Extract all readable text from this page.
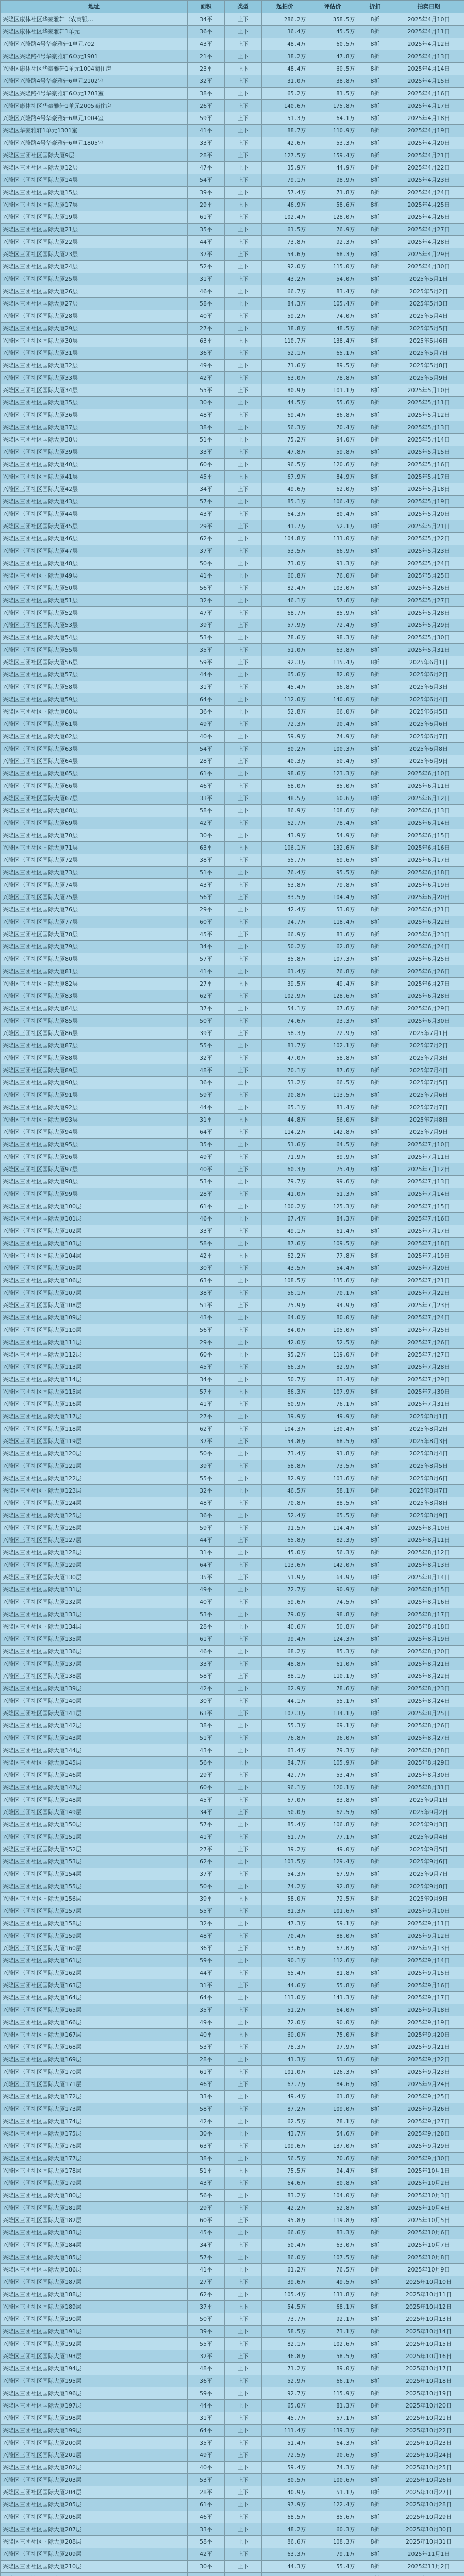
地址	面积	类型	起拍价	评估价	折扣	拍卖日期
兴隆区康体社区华豪雅轩（农商银…	34平	上下	286.2万	358.5万	8折	2025年4月10日
兴隆区康体社区华豪雅轩1单元	36平	上下	36.4万	45.5万	8折	2025年4月11日
兴隆区兴隆路4号华豪雅轩1单元702	43平	上下	48.4万	60.5万	8折	2025年4月12日
兴隆区兴隆路4号华豪雅轩6单元1901	21平	上下	38.2万	47.8万	8折	2025年4月13日
兴隆区康体社区华豪雅轩1单元1004商住房	23平	上下	48.4万	60.5万	8折	2025年4月14日
兴隆区兴隆路4号华豪雅轩6单元2102室	32平	上下	31.0万	38.8万	8折	2025年4月15日
兴隆区兴隆路4号华豪雅轩6单元1703室	38平	上下	65.2万	81.5万	8折	2025年4月16日
兴隆区康体社区华豪雅轩1单元2005商住房	26平	上下	140.6万	175.8万	8折	2025年4月17日
兴隆区兴隆路4号华豪雅轩6单元1004室	59平	上下	51.3万	64.1万	8折	2025年4月18日
兴隆区华豪雅轩1单元1301室	41平	上下	88.7万	110.9万	8折	2025年4月19日
兴隆区兴隆路4号华豪雅轩6单元1805室	33平	上下	42.6万	53.3万	8折	2025年4月20日
兴隆区三团社区国际大厦9层	28平	上下	127.5万	159.4万	8折	2025年4月21日
兴隆区三团社区国际大厦12层	47平	上下	35.9万	44.9万	8折	2025年4月22日
兴隆区三团社区国际大厦14层	54平	上下	79.1万	98.9万	8折	2025年4月23日
兴隆区三团社区国际大厦15层	39平	上下	57.4万	71.8万	8折	2025年4月24日
兴隆区三团社区国际大厦17层	29平	上下	46.9万	58.6万	8折	2025年4月25日
兴隆区三团社区国际大厦19层	61平	上下	102.4万	128.0万	8折	2025年4月26日
兴隆区三团社区国际大厦21层	35平	上下	61.5万	76.9万	8折	2025年4月27日
兴隆区三团社区国际大厦22层	44平	上下	73.8万	92.3万	8折	2025年4月28日
兴隆区三团社区国际大厦23层	37平	上下	54.6万	68.3万	8折	2025年4月29日
兴隆区三团社区国际大厦24层	52平	上下	92.0万	115.0万	8折	2025年4月30日
兴隆区三团社区国际大厦25层	31平	上下	43.2万	54.0万	8折	2025年5月1日
兴隆区三团社区国际大厦26层	46平	上下	66.7万	83.4万	8折	2025年5月2日
兴隆区三团社区国际大厦27层	58平	上下	84.3万	105.4万	8折	2025年5月3日
兴隆区三团社区国际大厦28层	40平	上下	59.2万	74.0万	8折	2025年5月4日
兴隆区三团社区国际大厦29层	27平	上下	38.8万	48.5万	8折	2025年5月5日
兴隆区三团社区国际大厦30层	63平	上下	110.7万	138.4万	8折	2025年5月6日
兴隆区三团社区国际大厦31层	36平	上下	52.1万	65.1万	8折	2025年5月7日
兴隆区三团社区国际大厦32层	49平	上下	71.6万	89.5万	8折	2025年5月8日
兴隆区三团社区国际大厦33层	42平	上下	63.0万	78.8万	8折	2025年5月9日
兴隆区三团社区国际大厦34层	55平	上下	80.9万	101.1万	8折	2025年5月10日
兴隆区三团社区国际大厦35层	30平	上下	44.5万	55.6万	8折	2025年5月11日
兴隆区三团社区国际大厦36层	48平	上下	69.4万	86.8万	8折	2025年5月12日
兴隆区三团社区国际大厦37层	38平	上下	56.3万	70.4万	8折	2025年5月13日
兴隆区三团社区国际大厦38层	51平	上下	75.2万	94.0万	8折	2025年5月14日
兴隆区三团社区国际大厦39层	33平	上下	47.8万	59.8万	8折	2025年5月15日
兴隆区三团社区国际大厦40层	60平	上下	96.5万	120.6万	8折	2025年5月16日
兴隆区三团社区国际大厦41层	45平	上下	67.9万	84.9万	8折	2025年5月17日
兴隆区三团社区国际大厦42层	34平	上下	49.6万	62.0万	8折	2025年5月18日
兴隆区三团社区国际大厦43层	57平	上下	85.1万	106.4万	8折	2025年5月19日
兴隆区三团社区国际大厦44层	43平	上下	64.3万	80.4万	8折	2025年5月20日
兴隆区三团社区国际大厦45层	29平	上下	41.7万	52.1万	8折	2025年5月21日
兴隆区三团社区国际大厦46层	62平	上下	104.8万	131.0万	8折	2025年5月22日
兴隆区三团社区国际大厦47层	37平	上下	53.5万	66.9万	8折	2025年5月23日
兴隆区三团社区国际大厦48层	50平	上下	73.0万	91.3万	8折	2025年5月24日
兴隆区三团社区国际大厦49层	41平	上下	60.8万	76.0万	8折	2025年5月25日
兴隆区三团社区国际大厦50层	56平	上下	82.4万	103.0万	8折	2025年5月26日
兴隆区三团社区国际大厦51层	32平	上下	46.1万	57.6万	8折	2025年5月27日
兴隆区三团社区国际大厦52层	47平	上下	68.7万	85.9万	8折	2025年5月28日
兴隆区三团社区国际大厦53层	39平	上下	57.9万	72.4万	8折	2025年5月29日
兴隆区三团社区国际大厦54层	53平	上下	78.6万	98.3万	8折	2025年5月30日
兴隆区三团社区国际大厦55层	35平	上下	51.0万	63.8万	8折	2025年5月31日
兴隆区三团社区国际大厦56层	59平	上下	92.3万	115.4万	8折	2025年6月1日
兴隆区三团社区国际大厦57层	44平	上下	65.6万	82.0万	8折	2025年6月2日
兴隆区三团社区国际大厦58层	31平	上下	45.4万	56.8万	8折	2025年6月3日
兴隆区三团社区国际大厦59层	64平	上下	112.0万	140.0万	8折	2025年6月4日
兴隆区三团社区国际大厦60层	36平	上下	52.8万	66.0万	8折	2025年6月5日
兴隆区三团社区国际大厦61层	49平	上下	72.3万	90.4万	8折	2025年6月6日
兴隆区三团社区国际大厦62层	40平	上下	59.9万	74.9万	8折	2025年6月7日
兴隆区三团社区国际大厦63层	54平	上下	80.2万	100.3万	8折	2025年6月8日
兴隆区三团社区国际大厦64层	28平	上下	40.3万	50.4万	8折	2025年6月9日
兴隆区三团社区国际大厦65层	61平	上下	98.6万	123.3万	8折	2025年6月10日
兴隆区三团社区国际大厦66层	46平	上下	68.0万	85.0万	8折	2025年6月11日
兴隆区三团社区国际大厦67层	33平	上下	48.5万	60.6万	8折	2025年6月12日
兴隆区三团社区国际大厦68层	58平	上下	86.9万	108.6万	8折	2025年6月13日
兴隆区三团社区国际大厦69层	42平	上下	62.7万	78.4万	8折	2025年6月14日
兴隆区三团社区国际大厦70层	30平	上下	43.9万	54.9万	8折	2025年6月15日
兴隆区三团社区国际大厦71层	63平	上下	106.1万	132.6万	8折	2025年6月16日
兴隆区三团社区国际大厦72层	38平	上下	55.7万	69.6万	8折	2025年6月17日
兴隆区三团社区国际大厦73层	51平	上下	76.4万	95.5万	8折	2025年6月18日
兴隆区三团社区国际大厦74层	43平	上下	63.8万	79.8万	8折	2025年6月19日
兴隆区三团社区国际大厦75层	56平	上下	83.5万	104.4万	8折	2025年6月20日
兴隆区三团社区国际大厦76层	29平	上下	42.4万	53.0万	8折	2025年6月21日
兴隆区三团社区国际大厦77层	60平	上下	94.7万	118.4万	8折	2025年6月22日
兴隆区三团社区国际大厦78层	45平	上下	66.9万	83.6万	8折	2025年6月23日
兴隆区三团社区国际大厦79层	34平	上下	50.2万	62.8万	8折	2025年6月24日
兴隆区三团社区国际大厦80层	57平	上下	85.8万	107.3万	8折	2025年6月25日
兴隆区三团社区国际大厦81层	41平	上下	61.4万	76.8万	8折	2025年6月26日
兴隆区三团社区国际大厦82层	27平	上下	39.5万	49.4万	8折	2025年6月27日
兴隆区三团社区国际大厦83层	62平	上下	102.9万	128.6万	8折	2025年6月28日
兴隆区三团社区国际大厦84层	37平	上下	54.1万	67.6万	8折	2025年6月29日
兴隆区三团社区国际大厦85层	50平	上下	74.6万	93.3万	8折	2025年6月30日
兴隆区三团社区国际大厦86层	39平	上下	58.3万	72.9万	8折	2025年7月1日
兴隆区三团社区国际大厦87层	55平	上下	81.7万	102.1万	8折	2025年7月2日
兴隆区三团社区国际大厦88层	32平	上下	47.0万	58.8万	8折	2025年7月3日
兴隆区三团社区国际大厦89层	48平	上下	70.1万	87.6万	8折	2025年7月4日
兴隆区三团社区国际大厦90层	36平	上下	53.2万	66.5万	8折	2025年7月5日
兴隆区三团社区国际大厦91层	59平	上下	90.8万	113.5万	8折	2025年7月6日
兴隆区三团社区国际大厦92层	44平	上下	65.1万	81.4万	8折	2025年7月7日
兴隆区三团社区国际大厦93层	31平	上下	44.8万	56.0万	8折	2025年7月8日
兴隆区三团社区国际大厦94层	64平	上下	114.2万	142.8万	8折	2025年7月9日
兴隆区三团社区国际大厦95层	35平	上下	51.6万	64.5万	8折	2025年7月10日
兴隆区三团社区国际大厦96层	49平	上下	71.9万	89.9万	8折	2025年7月11日
兴隆区三团社区国际大厦97层	40平	上下	60.3万	75.4万	8折	2025年7月12日
兴隆区三团社区国际大厦98层	53平	上下	79.7万	99.6万	8折	2025年7月13日
兴隆区三团社区国际大厦99层	28平	上下	41.0万	51.3万	8折	2025年7月14日
兴隆区三团社区国际大厦100层	61平	上下	100.2万	125.3万	8折	2025年7月15日
兴隆区三团社区国际大厦101层	46平	上下	67.4万	84.3万	8折	2025年7月16日
兴隆区三团社区国际大厦102层	33平	上下	49.1万	61.4万	8折	2025年7月17日
兴隆区三团社区国际大厦103层	58平	上下	87.6万	109.5万	8折	2025年7月18日
兴隆区三团社区国际大厦104层	42平	上下	62.2万	77.8万	8折	2025年7月19日
兴隆区三团社区国际大厦105层	30平	上下	43.5万	54.4万	8折	2025年7月20日
兴隆区三团社区国际大厦106层	63平	上下	108.5万	135.6万	8折	2025年7月21日
兴隆区三团社区国际大厦107层	38平	上下	56.1万	70.1万	8折	2025年7月22日
兴隆区三团社区国际大厦108层	51平	上下	75.9万	94.9万	8折	2025年7月23日
兴隆区三团社区国际大厦109层	43平	上下	64.0万	80.0万	8折	2025年7月24日
兴隆区三团社区国际大厦110层	56平	上下	84.0万	105.0万	8折	2025年7月25日
兴隆区三团社区国际大厦111层	29平	上下	42.0万	52.5万	8折	2025年7月26日
兴隆区三团社区国际大厦112层	60平	上下	95.2万	119.0万	8折	2025年7月27日
兴隆区三团社区国际大厦113层	45平	上下	66.3万	82.9万	8折	2025年7月28日
兴隆区三团社区国际大厦114层	34平	上下	50.7万	63.4万	8折	2025年7月29日
兴隆区三团社区国际大厦115层	57平	上下	86.3万	107.9万	8折	2025年7月30日
兴隆区三团社区国际大厦116层	41平	上下	60.9万	76.1万	8折	2025年7月31日
兴隆区三团社区国际大厦117层	27平	上下	39.9万	49.9万	8折	2025年8月1日
兴隆区三团社区国际大厦118层	62平	上下	104.3万	130.4万	8折	2025年8月2日
兴隆区三团社区国际大厦119层	37平	上下	54.8万	68.5万	8折	2025年8月3日
兴隆区三团社区国际大厦120层	50平	上下	73.4万	91.8万	8折	2025年8月4日
兴隆区三团社区国际大厦121层	39平	上下	58.8万	73.5万	8折	2025年8月5日
兴隆区三团社区国际大厦122层	55平	上下	82.9万	103.6万	8折	2025年8月6日
兴隆区三团社区国际大厦123层	32平	上下	46.5万	58.1万	8折	2025年8月7日
兴隆区三团社区国际大厦124层	48平	上下	70.8万	88.5万	8折	2025年8月8日
兴隆区三团社区国际大厦125层	36平	上下	52.4万	65.5万	8折	2025年8月9日
兴隆区三团社区国际大厦126层	59平	上下	91.5万	114.4万	8折	2025年8月10日
兴隆区三团社区国际大厦127层	44平	上下	65.8万	82.3万	8折	2025年8月11日
兴隆区三团社区国际大厦128层	31平	上下	45.0万	56.3万	8折	2025年8月12日
兴隆区三团社区国际大厦129层	64平	上下	113.6万	142.0万	8折	2025年8月13日
兴隆区三团社区国际大厦130层	35平	上下	51.9万	64.9万	8折	2025年8月14日
兴隆区三团社区国际大厦131层	49平	上下	72.7万	90.9万	8折	2025年8月15日
兴隆区三团社区国际大厦132层	40平	上下	59.6万	74.5万	8折	2025年8月16日
兴隆区三团社区国际大厦133层	53平	上下	79.0万	98.8万	8折	2025年8月17日
兴隆区三团社区国际大厦134层	28平	上下	40.6万	50.8万	8折	2025年8月18日
兴隆区三团社区国际大厦135层	61平	上下	99.4万	124.3万	8折	2025年8月19日
兴隆区三团社区国际大厦136层	46平	上下	68.2万	85.3万	8折	2025年8月20日
兴隆区三团社区国际大厦137层	33平	上下	48.8万	61.0万	8折	2025年8月21日
兴隆区三团社区国际大厦138层	58平	上下	88.1万	110.1万	8折	2025年8月22日
兴隆区三团社区国际大厦139层	42平	上下	62.9万	78.6万	8折	2025年8月23日
兴隆区三团社区国际大厦140层	30平	上下	44.1万	55.1万	8折	2025年8月24日
兴隆区三团社区国际大厦141层	63平	上下	107.3万	134.1万	8折	2025年8月25日
兴隆区三团社区国际大厦142层	38平	上下	55.3万	69.1万	8折	2025年8月26日
兴隆区三团社区国际大厦143层	51平	上下	76.8万	96.0万	8折	2025年8月27日
兴隆区三团社区国际大厦144层	43平	上下	63.4万	79.3万	8折	2025年8月28日
兴隆区三团社区国际大厦145层	56平	上下	84.7万	105.9万	8折	2025年8月29日
兴隆区三团社区国际大厦146层	29平	上下	42.7万	53.4万	8折	2025年8月30日
兴隆区三团社区国际大厦147层	60平	上下	96.1万	120.1万	8折	2025年8月31日
兴隆区三团社区国际大厦148层	45平	上下	67.0万	83.8万	8折	2025年9月1日
兴隆区三团社区国际大厦149层	34平	上下	50.0万	62.5万	8折	2025年9月2日
兴隆区三团社区国际大厦150层	57平	上下	85.4万	106.8万	8折	2025年9月3日
兴隆区三团社区国际大厦151层	41平	上下	61.7万	77.1万	8折	2025年9月4日
兴隆区三团社区国际大厦152层	27平	上下	39.2万	49.0万	8折	2025年9月5日
兴隆区三团社区国际大厦153层	62平	上下	103.5万	129.4万	8折	2025年9月6日
兴隆区三团社区国际大厦154层	37平	上下	54.3万	67.9万	8折	2025年9月7日
兴隆区三团社区国际大厦155层	50平	上下	74.2万	92.8万	8折	2025年9月8日
兴隆区三团社区国际大厦156层	39平	上下	58.0万	72.5万	8折	2025年9月9日
兴隆区三团社区国际大厦157层	55平	上下	81.3万	101.6万	8折	2025年9月10日
兴隆区三团社区国际大厦158层	32平	上下	47.3万	59.1万	8折	2025年9月11日
兴隆区三团社区国际大厦159层	48平	上下	70.4万	88.0万	8折	2025年9月12日
兴隆区三团社区国际大厦160层	36平	上下	53.6万	67.0万	8折	2025年9月13日
兴隆区三团社区国际大厦161层	59平	上下	90.1万	112.6万	8折	2025年9月14日
兴隆区三团社区国际大厦162层	44平	上下	65.4万	81.8万	8折	2025年9月15日
兴隆区三团社区国际大厦163层	31平	上下	44.6万	55.8万	8折	2025年9月16日
兴隆区三团社区国际大厦164层	64平	上下	113.0万	141.3万	8折	2025年9月17日
兴隆区三团社区国际大厦165层	35平	上下	51.2万	64.0万	8折	2025年9月18日
兴隆区三团社区国际大厦166层	49平	上下	72.0万	90.0万	8折	2025年9月19日
兴隆区三团社区国际大厦167层	40平	上下	60.0万	75.0万	8折	2025年9月20日
兴隆区三团社区国际大厦168层	53平	上下	78.3万	97.9万	8折	2025年9月21日
兴隆区三团社区国际大厦169层	28平	上下	41.3万	51.6万	8折	2025年9月22日
兴隆区三团社区国际大厦170层	61平	上下	101.0万	126.3万	8折	2025年9月23日
兴隆区三团社区国际大厦171层	46平	上下	67.7万	84.6万	8折	2025年9月24日
兴隆区三团社区国际大厦172层	33平	上下	49.4万	61.8万	8折	2025年9月25日
兴隆区三团社区国际大厦173层	58平	上下	87.2万	109.0万	8折	2025年9月26日
兴隆区三团社区国际大厦174层	42平	上下	62.5万	78.1万	8折	2025年9月27日
兴隆区三团社区国际大厦175层	30平	上下	43.7万	54.6万	8折	2025年9月28日
兴隆区三团社区国际大厦176层	63平	上下	109.6万	137.0万	8折	2025年9月29日
兴隆区三团社区国际大厦177层	38平	上下	56.5万	70.6万	8折	2025年9月30日
兴隆区三团社区国际大厦178层	51平	上下	75.5万	94.4万	8折	2025年10月1日
兴隆区三团社区国际大厦179层	43平	上下	64.6万	80.8万	8折	2025年10月2日
兴隆区三团社区国际大厦180层	56平	上下	83.2万	104.0万	8折	2025年10月3日
兴隆区三团社区国际大厦181层	29平	上下	42.2万	52.8万	8折	2025年10月4日
兴隆区三团社区国际大厦182层	60平	上下	95.8万	119.8万	8折	2025年10月5日
兴隆区三团社区国际大厦183层	45平	上下	66.6万	83.3万	8折	2025年10月6日
兴隆区三团社区国际大厦184层	34平	上下	50.4万	63.0万	8折	2025年10月7日
兴隆区三团社区国际大厦185层	57平	上下	86.0万	107.5万	8折	2025年10月8日
兴隆区三团社区国际大厦186层	41平	上下	61.2万	76.5万	8折	2025年10月9日
兴隆区三团社区国际大厦187层	27平	上下	39.6万	49.5万	8折	2025年10月10日
兴隆区三团社区国际大厦188层	62平	上下	105.4万	131.8万	8折	2025年10月11日
兴隆区三团社区国际大厦189层	37平	上下	54.5万	68.1万	8折	2025年10月12日
兴隆区三团社区国际大厦190层	50平	上下	73.7万	92.1万	8折	2025年10月13日
兴隆区三团社区国际大厦191层	39平	上下	58.5万	73.1万	8折	2025年10月14日
兴隆区三团社区国际大厦192层	55平	上下	82.1万	102.6万	8折	2025年10月15日
兴隆区三团社区国际大厦193层	32平	上下	46.8万	58.5万	8折	2025年10月16日
兴隆区三团社区国际大厦194层	48平	上下	71.2万	89.0万	8折	2025年10月17日
兴隆区三团社区国际大厦195层	36平	上下	52.9万	66.1万	8折	2025年10月18日
兴隆区三团社区国际大厦196层	59平	上下	92.7万	115.9万	8折	2025年10月19日
兴隆区三团社区国际大厦197层	44平	上下	65.0万	81.3万	8折	2025年10月20日
兴隆区三团社区国际大厦198层	31平	上下	45.7万	57.1万	8折	2025年10月21日
兴隆区三团社区国际大厦199层	64平	上下	111.4万	139.3万	8折	2025年10月22日
兴隆区三团社区国际大厦200层	35平	上下	51.4万	64.3万	8折	2025年10月23日
兴隆区三团社区国际大厦201层	49平	上下	72.5万	90.6万	8折	2025年10月24日
兴隆区三团社区国际大厦202层	40平	上下	59.4万	74.3万	8折	2025年10月25日
兴隆区三团社区国际大厦203层	53平	上下	80.5万	100.6万	8折	2025年10月26日
兴隆区三团社区国际大厦204层	28平	上下	40.9万	51.1万	8折	2025年10月27日
兴隆区三团社区国际大厦205层	61平	上下	97.9万	122.4万	8折	2025年10月28日
兴隆区三团社区国际大厦206层	46平	上下	68.5万	85.6万	8折	2025年10月29日
兴隆区三团社区国际大厦207层	33平	上下	48.2万	60.3万	8折	2025年10月30日
兴隆区三团社区国际大厦208层	58平	上下	86.6万	108.3万	8折	2025年10月31日
兴隆区三团社区国际大厦209层	42平	上下	63.3万	79.1万	8折	2025年11月1日
兴隆区三团社区国际大厦210层	30平	上下	44.3万	55.4万	8折	2025年11月2日
